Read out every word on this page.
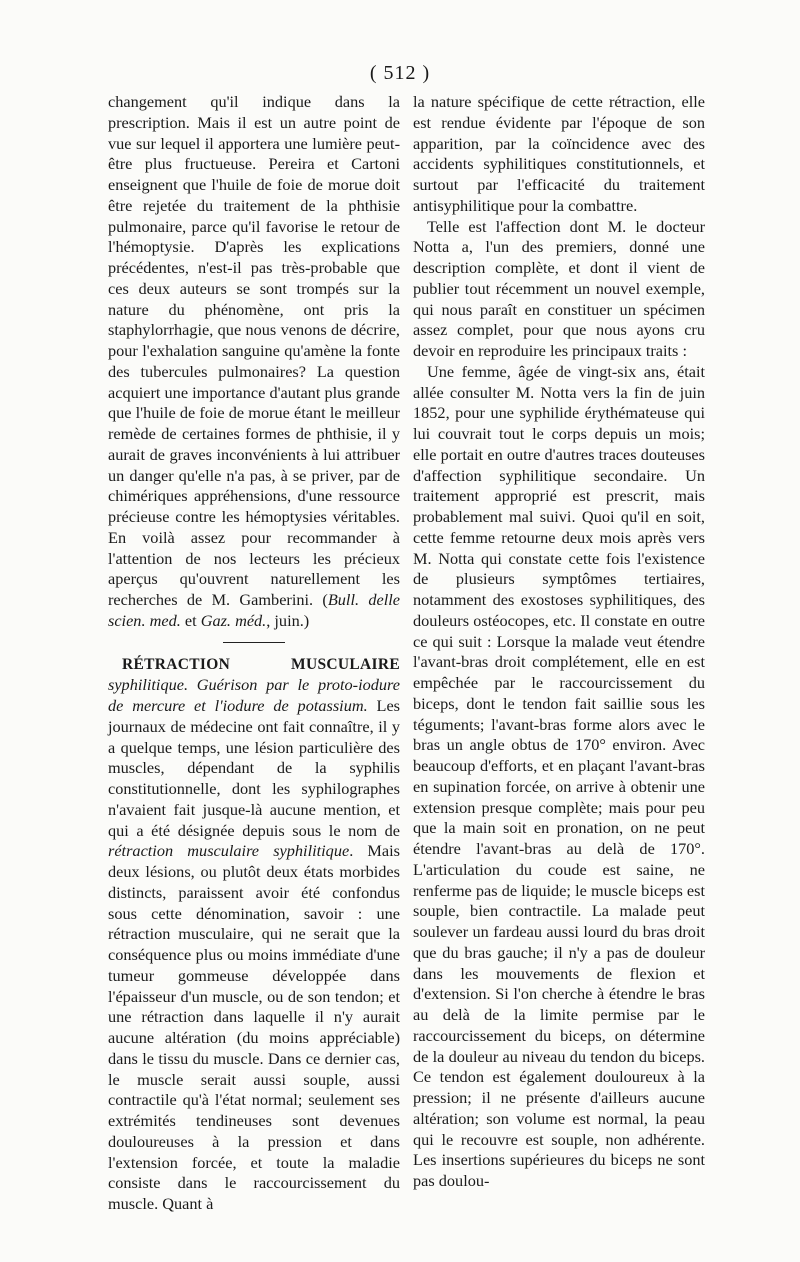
( 512 )

changement qu'il indique dans la prescription. Mais il est un autre point de vue sur lequel il apportera une lumière peut-être plus fructueuse. Pereira et Cartoni enseignent que l'huile de foie de morue doit être rejetée du traitement de la phthisie pulmonaire, parce qu'il favorise le retour de l'hémoptysie. D'après les explications précédentes, n'est-il pas très-probable que ces deux auteurs se sont trompés sur la nature du phénomène, ont pris la staphylorrhagie, que nous venons de décrire, pour l'exhalation sanguine qu'amène la fonte des tubercules pulmonaires? La question acquiert une importance d'autant plus grande que l'huile de foie de morue étant le meilleur remède de certaines formes de phthisie, il y aurait de graves inconvénients à lui attribuer un danger qu'elle n'a pas, à se priver, par de chimériques appréhensions, d'une ressource précieuse contre les hémoptysies véritables. En voilà assez pour recommander à l'attention de nos lecteurs les précieux aperçus qu'ouvrent naturellement les recherches de M. Gamberini. (Bull. delle scien. med. et Gaz. méd., juin.)

RÉTRACTION MUSCULAIRE syphilitique. Guérison par le proto-iodure de mercure et l'iodure de potassium. Les journaux de médecine ont fait connaître, il y a quelque temps, une lésion particulière des muscles, dépendant de la syphilis constitutionnelle, dont les syphilographes n'avaient fait jusque-là aucune mention, et qui a été désignée depuis sous le nom de rétraction musculaire syphilitique. Mais deux lésions, ou plutôt deux états morbides distincts, paraissent avoir été confondus sous cette dénomination, savoir : une rétraction musculaire, qui ne serait que la conséquence plus ou moins immédiate d'une tumeur gommeuse développée dans l'épaisseur d'un muscle, ou de son tendon; et une rétraction dans laquelle il n'y aurait aucune altération (du moins appréciable) dans le tissu du muscle. Dans ce dernier cas, le muscle serait aussi souple, aussi contractile qu'à l'état normal; seulement ses extrémités tendineuses sont devenues douloureuses à la pression et dans l'extension forcée, et toute la maladie consiste dans le raccourcissement du muscle. Quant à

la nature spécifique de cette rétraction, elle est rendue évidente par l'époque de son apparition, par la coïncidence avec des accidents syphilitiques constitutionnels, et surtout par l'efficacité du traitement antisyphilitique pour la combattre.

Telle est l'affection dont M. le docteur Notta a, l'un des premiers, donné une description complète, et dont il vient de publier tout récemment un nouvel exemple, qui nous paraît en constituer un spécimen assez complet, pour que nous ayons cru devoir en reproduire les principaux traits :

Une femme, âgée de vingt-six ans, était allée consulter M. Notta vers la fin de juin 1852, pour une syphilide érythémateuse qui lui couvrait tout le corps depuis un mois; elle portait en outre d'autres traces douteuses d'affection syphilitique secondaire. Un traitement approprié est prescrit, mais probablement mal suivi. Quoi qu'il en soit, cette femme retourne deux mois après vers M. Notta qui constate cette fois l'existence de plusieurs symptômes tertiaires, notamment des exostoses syphilitiques, des douleurs ostéocopes, etc. Il constate en outre ce qui suit : Lorsque la malade veut étendre l'avant-bras droit complétement, elle en est empêchée par le raccourcissement du biceps, dont le tendon fait saillie sous les téguments; l'avant-bras forme alors avec le bras un angle obtus de 170° environ. Avec beaucoup d'efforts, et en plaçant l'avant-bras en supination forcée, on arrive à obtenir une extension presque complète; mais pour peu que la main soit en pronation, on ne peut étendre l'avant-bras au delà de 170°. L'articulation du coude est saine, ne renferme pas de liquide; le muscle biceps est souple, bien contractile. La malade peut soulever un fardeau aussi lourd du bras droit que du bras gauche; il n'y a pas de douleur dans les mouvements de flexion et d'extension. Si l'on cherche à étendre le bras au delà de la limite permise par le raccourcissement du biceps, on détermine de la douleur au niveau du tendon du biceps. Ce tendon est également douloureux à la pression; il ne présente d'ailleurs aucune altération; son volume est normal, la peau qui le recouvre est souple, non adhérente. Les insertions supérieures du biceps ne sont pas doulou-
